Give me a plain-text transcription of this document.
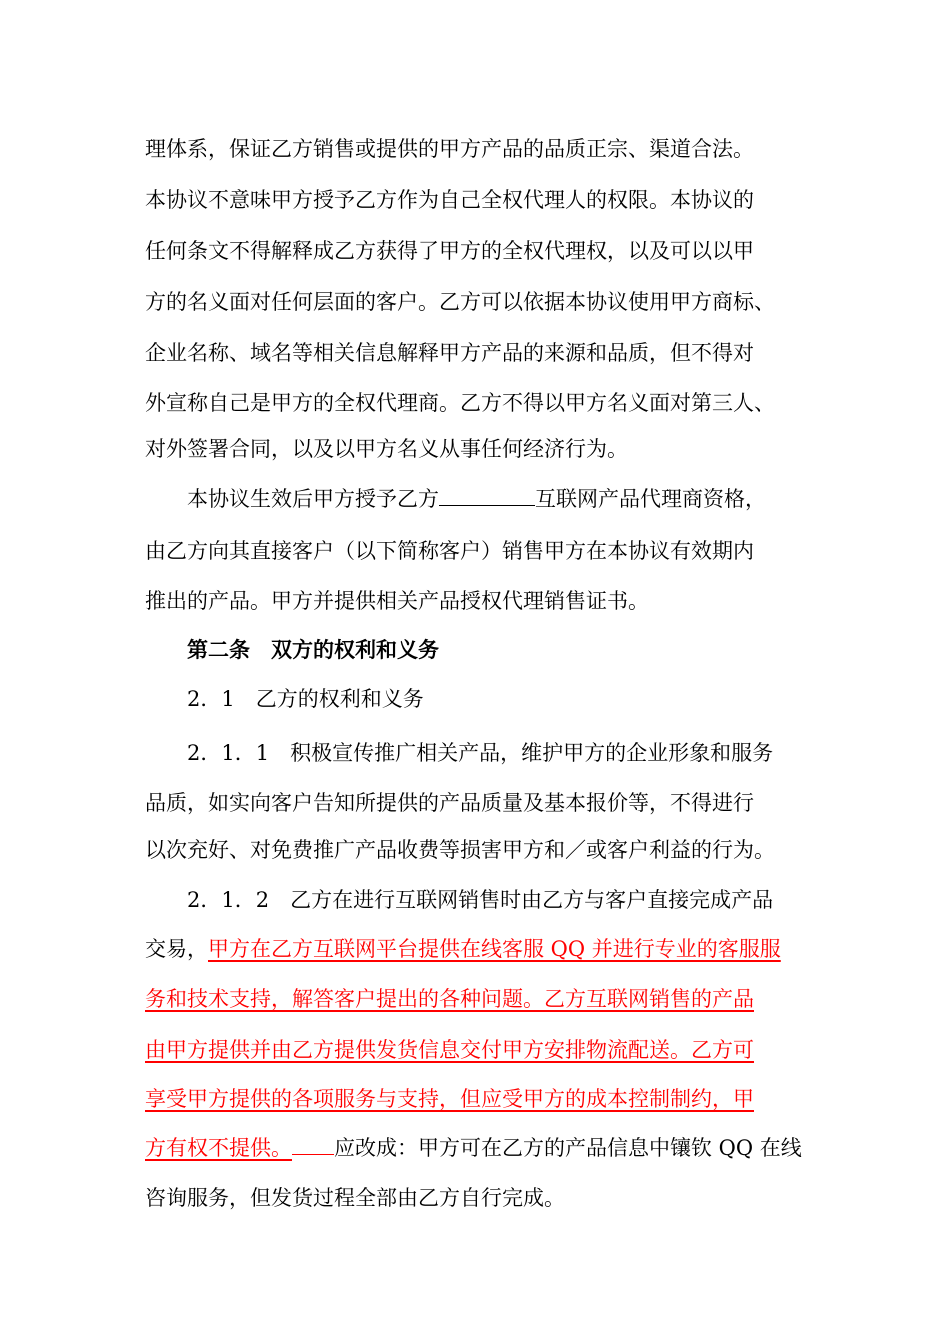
理体系，保证乙方销售或提供的甲方产品的品质正宗、渠道合法。

本协议不意味甲方授予乙方作为自己全权代理人的权限。本协议的

任何条文不得解释成乙方获得了甲方的全权代理权，以及可以以甲

方的名义面对任何层面的客户。乙方可以依据本协议使用甲方商标、

企业名称、域名等相关信息解释甲方产品的来源和品质，但不得对

外宣称自己是甲方的全权代理商。乙方不得以甲方名义面对第三人、

对外签署合同，以及以甲方名义从事任何经济行为。

本协议生效后甲方授予乙方	互联网产品代理商资格，

由乙方向其直接客户（以下简称客户）销售甲方在本协议有效期内

推出的产品。甲方并提供相关产品授权代理销售证书。

第二条　双方的权利和义务

2．1　乙方的权利和义务

2．1．1　积极宣传推广相关产品，维护甲方的企业形象和服务

品质，如实向客户告知所提供的产品质量及基本报价等，不得进行

以次充好、对免费推广产品收费等损害甲方和／或客户利益的行为。

2．1．2　乙方在进行互联网销售时由乙方与客户直接完成产品

交易，甲方在乙方互联网平台提供在线客服 QQ 并进行专业的客服服

务和技术支持，解答客户提出的各种问题。乙方互联网销售的产品

由甲方提供并由乙方提供发货信息交付甲方安排物流配送。乙方可

享受甲方提供的各项服务与支持，但应受甲方的成本控制制约，甲

方有权不提供。 应改成：甲方可在乙方的产品信息中镶钦 QQ 在线

咨询服务，但发货过程全部由乙方自行完成。
